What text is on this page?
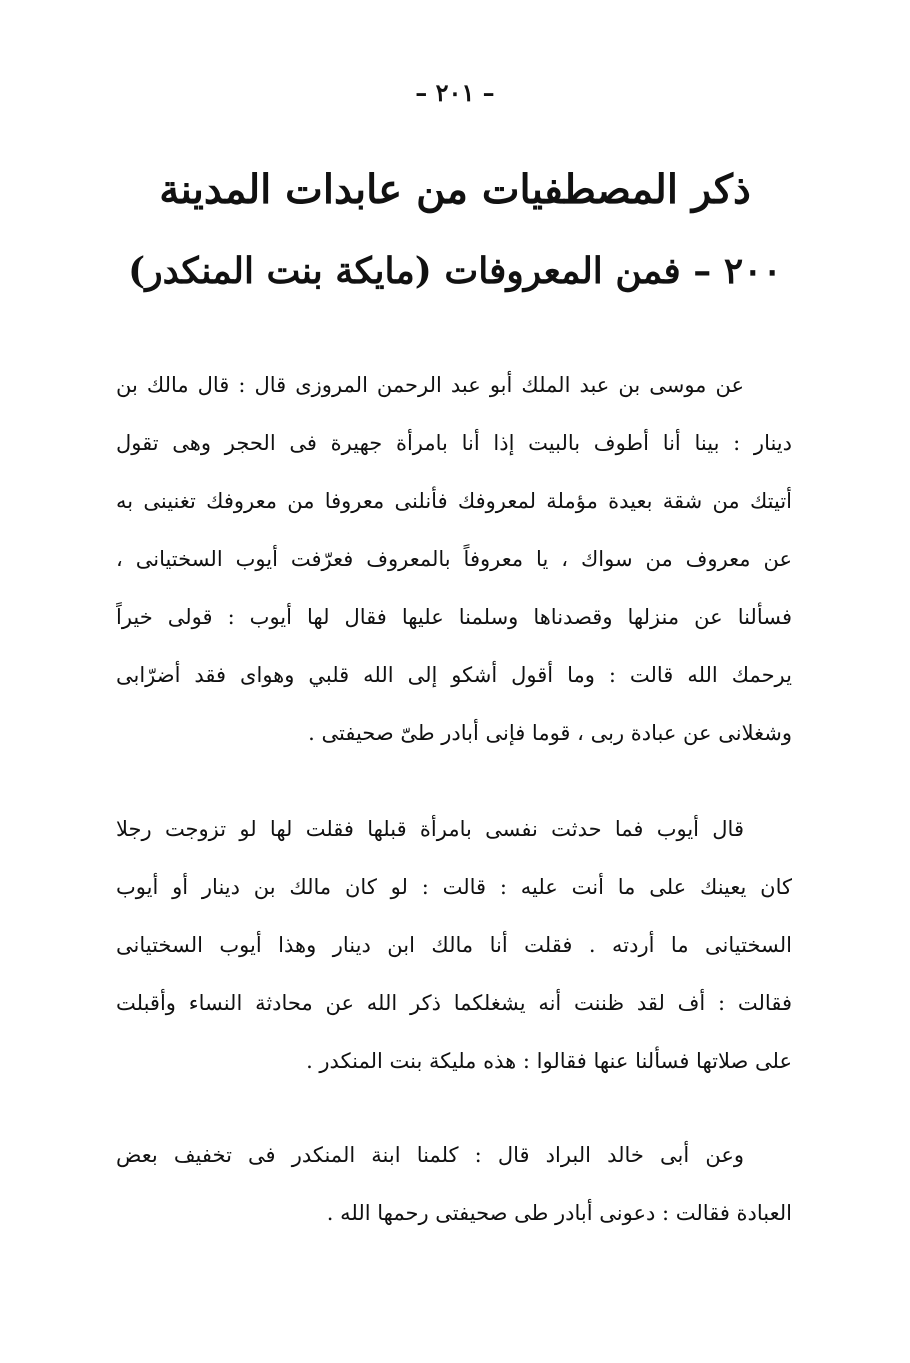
– ٢٠١ –
ذكر المصطفيات من عابدات المدينة
٢٠٠ – فمن المعروفات (مايكة بنت المنكدر)
عن موسى بن عبد الملك أبو عبد الرحمن المروزى قال : قال مالك بن
دينار : بينا أنا أطوف بالبيت إذا أنا بامرأة جهيرة فى الحجر وهى تقول
أتيتك من شقة بعيدة مؤملة لمعروفك فأنلنى معروفا من معروفك تغنينى به
عن معروف من سواك ، يا معروفاً بالمعروف فعرّفت أيوب السختيانى ،
فسألنا عن منزلها وقصدناها وسلمنا عليها فقال لها أيوب : قولى خيراً
يرحمك الله قالت : وما أقول أشكو إلى الله قلبي وهواى فقد أضرّابى
وشغلانى عن عبادة ربى ، قوما فإنى أبادر طىّ صحيفتى .
قال أيوب فما حدثت نفسى بامرأة قبلها فقلت لها لو تزوجت رجلا
كان يعينك على ما أنت عليه : قالت : لو كان مالك بن دينار أو أيوب
السختيانى ما أردته . فقلت أنا مالك ابن دينار وهذا أيوب السختيانى
فقالت : أف لقد ظننت أنه يشغلكما ذكر الله عن محادثة النساء وأقبلت
على صلاتها فسألنا عنها فقالوا : هذه مليكة بنت المنكدر .
وعن أبى خالد البراد قال : كلمنا ابنة المنكدر فى تخفيف بعض
العبادة فقالت : دعونى أبادر طى صحيفتى رحمها الله .
